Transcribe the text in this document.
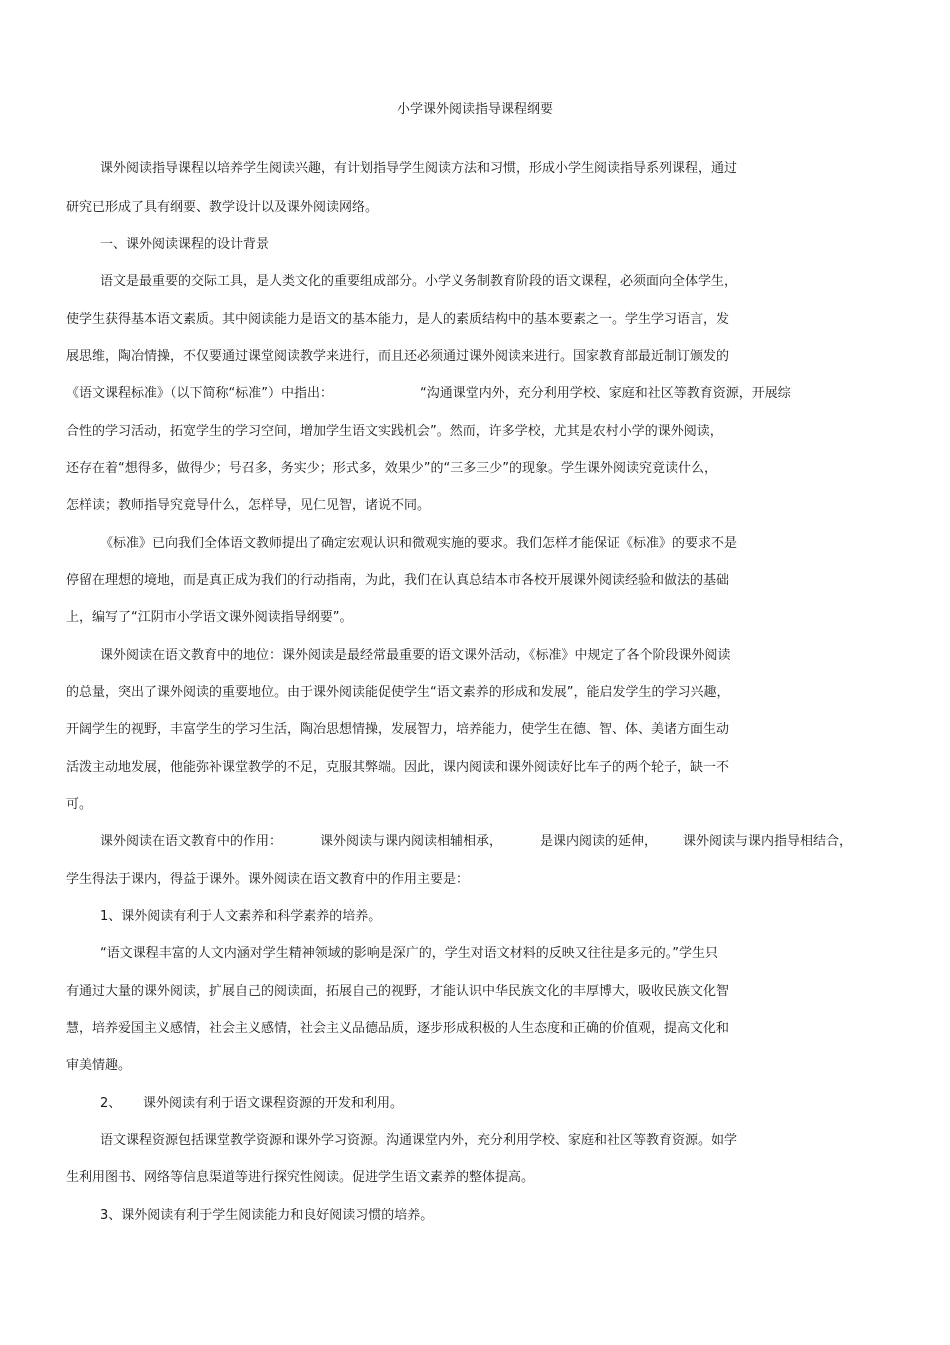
小学课外阅读指导课程纲要

课外阅读指导课程以培养学生阅读兴趣，有计划指导学生阅读方法和习惯，形成小学生阅读指导系列课程，通过

研究已形成了具有纲要、教学设计以及课外阅读网络。

一、课外阅读课程的设计背景

语文是最重要的交际工具，是人类文化的重要组成部分。小学义务制教育阶段的语文课程，必须面向全体学生，

使学生获得基本语文素质。其中阅读能力是语文的基本能力，是人的素质结构中的基本要素之一。学生学习语言，发

展思维，陶冶情操，不仅要通过课堂阅读教学来进行，而且还必须通过课外阅读来进行。国家教育部最近制订颁发的

《语文课程标准》（以下简称“标准”）中指出：	“沟通课堂内外，充分利用学校、家庭和社区等教育资源，开展综

合性的学习活动，拓宽学生的学习空间，增加学生语文实践机会”。然而，许多学校，尤其是农村小学的课外阅读，

还存在着“想得多，做得少；号召多，务实少；形式多，效果少”的“三多三少”的现象。学生课外阅读究竟读什么，

怎样读；教师指导究竟导什么，怎样导，见仁见智，诸说不同。

《标准》已向我们全体语文教师提出了确定宏观认识和微观实施的要求。我们怎样才能保证《标准》的要求不是

停留在理想的境地，而是真正成为我们的行动指南，为此，我们在认真总结本市各校开展课外阅读经验和做法的基础

上，编写了“江阴市小学语文课外阅读指导纲要”。

课外阅读在语文教育中的地位：课外阅读是最经常最重要的语文课外活动，《标准》中规定了各个阶段课外阅读

的总量，突出了课外阅读的重要地位。由于课外阅读能促使学生“语文素养的形成和发展”，能启发学生的学习兴趣，

开阔学生的视野，丰富学生的学习生活，陶冶思想情操，发展智力，培养能力，使学生在德、智、体、美诸方面生动

活泼主动地发展，他能弥补课堂教学的不足，克服其弊端。因此，课内阅读和课外阅读好比车子的两个轮子，缺一不

可。

课外阅读在语文教育中的作用：	课外阅读与课内阅读相辅相承，	是课内阅读的延伸， 课外阅读与课内指导相结合，

学生得法于课内，得益于课外。课外阅读在语文教育中的作用主要是：

1、课外阅读有利于人文素养和科学素养的培养。

“语文课程丰富的人文内涵对学生精神领域的影响是深广的，学生对语文材料的反映又往往是多元的。”学生只

有通过大量的课外阅读，扩展自己的阅读面，拓展自己的视野，才能认识中华民族文化的丰厚博大，吸收民族文化智

慧，培养爱国主义感情，社会主义感情，社会主义品德品质，逐步形成积极的人生态度和正确的价值观，提高文化和

审美情趣。

2、 课外阅读有利于语文课程资源的开发和利用。

语文课程资源包括课堂教学资源和课外学习资源。沟通课堂内外，充分利用学校、家庭和社区等教育资源。如学

生利用图书、网络等信息渠道等进行探究性阅读。促进学生语文素养的整体提高。

3、课外阅读有利于学生阅读能力和良好阅读习惯的培养。
